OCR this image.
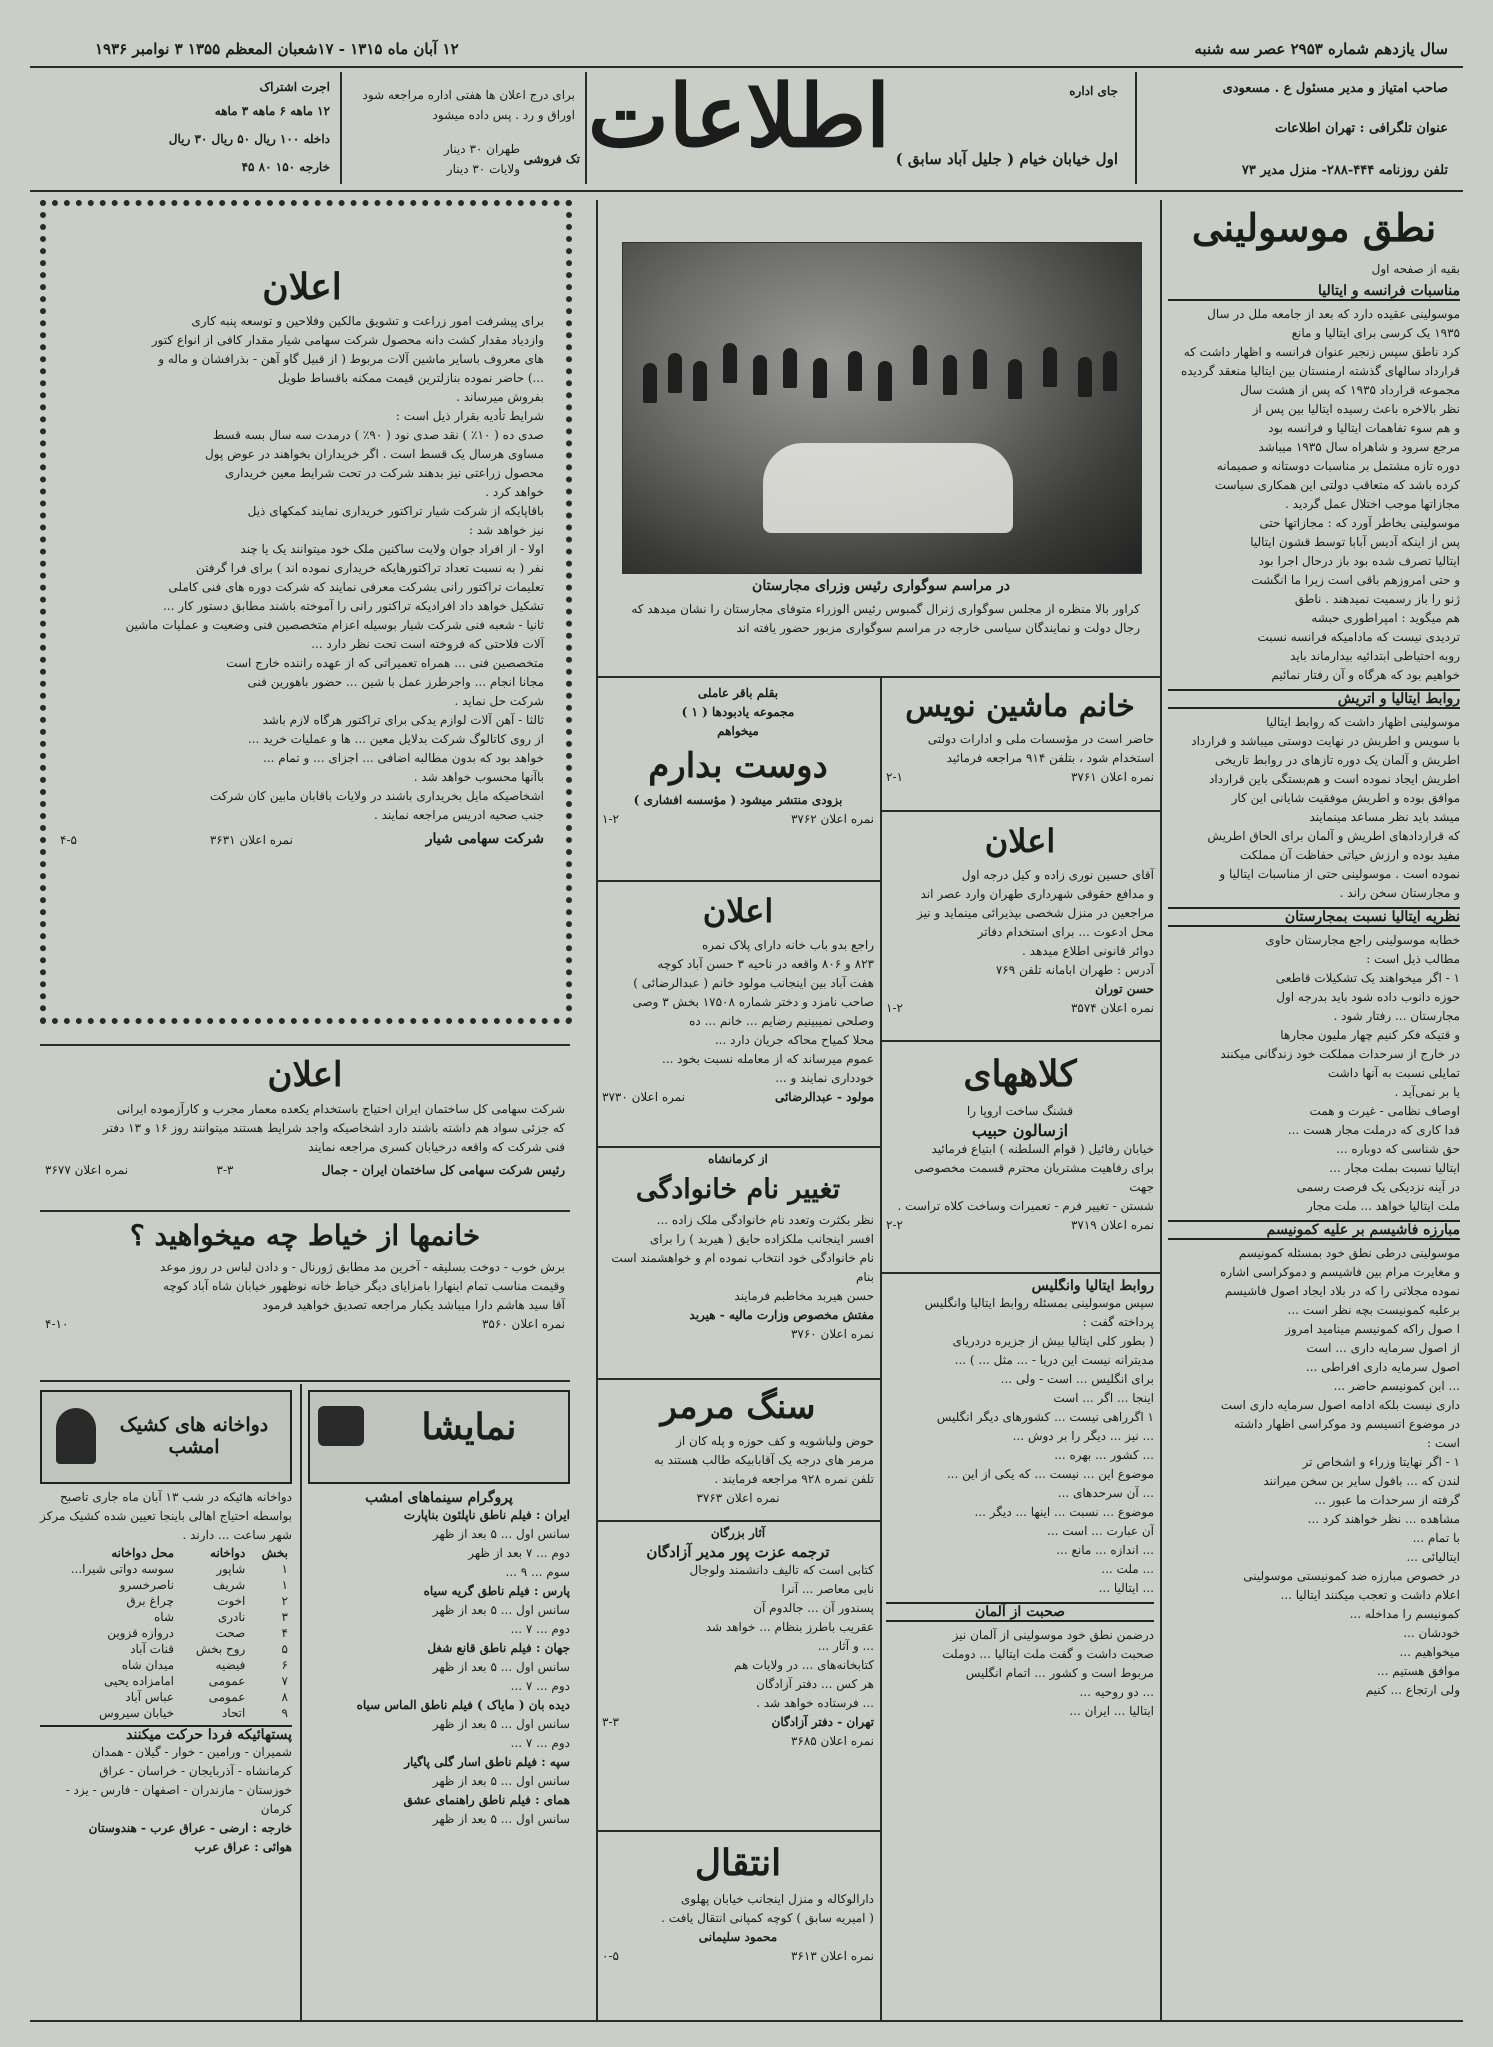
سال یازدهم شماره ۲۹۵۳ عصر سه شنبه
۱۲ آبان ماه ۱۳۱۵ - ۱۷شعبان المعظم ۱۳۵۵ ۳ نوامبر ۱۹۳۶
صاحب امتیاز و مدیر مسئول ع . مسعودی
عنوان تلگرافی : تهران اطلاعات
تلفن روزنامه ۴۴۴-۲۸۸- منزل مدیر ۷۳
جای اداره
اول خیابان خیام ( جلیل آباد سابق )
اطلاعات
برای درج اعلان ها هفتی اداره مراجعه شود
اوراق و رد . پس داده میشود
طهران ۳۰ دینار
ولایات ۳۰ دینار
تک فروشی
اجرت اشتراک
۱۲ ماهه ۶ ماهه ۳ ماهه
داخله ۱۰۰ ریال ۵۰ ریال ۳۰ ریال
خارجه ۱۵۰ ۸۰ ۴۵
نطق موسولینی
بقیه از صفحه اول
مناسبات فرانسه و ایتالیا
موسولینی عقیده دارد که بعد از جامعه ملل در سال
۱۹۳۵ یک کرسی برای ایتالیا و مانع
کرد ناطق سپس زنجیر عنوان فرانسه و اظهار داشت که
قرارداد سالهای گذشته ارمنستان بین ایتالیا منعقد گردیده
مجموعه قرارداد ۱۹۳۵ که پس از هشت سال
نظر بالاخره باعث رسیده ایتالیا بین پس از
و هم سوء تفاهمات ایتالیا و فرانسه بود
مرجع سرود و شاهراه سال ۱۹۳۵ میباشد
دوره تازه مشتمل بر مناسبات دوستانه و صمیمانه
کرده باشد که متعاقب دولتی این همکاری سیاست
مجازاتها موجب اختلال عمل گردید .
موسولینی بخاطر آورد که : مجازاتها حتی
پس از اینکه آدیس آبابا توسط قشون ایتالیا
ایتالیا تصرف شده بود باز درحال اجرا بود
و حتی امروزهم باقی است زیرا ما انگشت
ژنو را باز رسمیت نمیدهند . ناطق
هم میگوید : امپراطوری حبشه
تردیدی نیست که مادامیکه فرانسه نسبت
روبه احتیاطی ابتدائیه بیدارماند باید
خواهیم بود که هرگاه و آن رفتار نمائیم
روابط ایتالیا و اتریش
موسولینی اظهار داشت که روابط ایتالیا
با سویس و اطریش در نهایت دوستی میباشد و قرارداد
اطریش و آلمان یک دوره تازهای در روابط تاریخی
اطریش ایجاد نموده است و هم‌بستگی باین قرارداد
موافق بوده و اطریش موفقیت شایانی این کار
میشد باید نظر مساعد مینمایند
که قراردادهای اطریش و آلمان برای الحاق اطریش
مفید بوده و ارزش حیاتی حفاظت آن مملکت
نموده است . موسولینی حتی از مناسبات ایتالیا و
و مجارستان سخن راند .
نظریه ایتالیا نسبت بمجارستان
خطابه موسولینی راجع مجارستان حاوی
مطالب ذیل است :
۱ - اگر میخواهند یک تشکیلات قاطعی
حوزه دانوب داده شود باید بدرجه اول
مجارستان ... رفتار شود .
و قتیکه فکر کنیم چهار ملیون مجارها
در خارج از سرحدات مملکت خود زندگانی میکنند
تمایلی نسبت به آنها داشت
یا بر نمی‌آید .
اوصاف نظامی - غیرت و همت
فدا کاری که درملت مجار هست ...
حق شناسی که دوباره ...
ایتالیا نسبت بملت مجار ...
در آینه نزدیکی یک فرصت رسمی
ملت ایتالیا خواهد ... ملت مجار
مبارزه فاشیسم بر علیه کمونیسم
موسولینی درطی نطق خود بمسئله کمونیسم
و مغایرت مرام بین فاشیسم و دموکراسی اشاره
نموده مجلاتی را که در بلاد ایجاد اصول فاشیسم
برعلیه کمونیست بچه نظر است ...
ا صول راکه کمونیسم میناميد امروز
از اصول سرمایه داری ... است
اصول سرمایه داری افراطی ...
... ابن کمونیسم حاضر ...
داری نیست بلکه ادامه اصول سرمایه داری است
در موضوع اتسیسم ود موکراسی اظهار داشته
است :
۱ - اگر نهایتا وزراء و اشخاص تر
لندن که ... بافول سایر بن سخن میرانند
گرفته از سرحدات ما عبور ...
مشاهده ... نظر خواهند کرد ...
با تمام ...
ایتالیائی ...
در خصوص مبارزه ضد کمونیستی موسولینی
اعلام داشت و تعجب میکنند ایتالیا ...
کمونیسم را مداخله ...
خودشان ...
میخواهیم ...
موافق هستیم ...
ولی ارتجاع ... کنیم
در مراسم سوگواری رئیس وزرای مجارستان
کراور بالا منظره از مجلس سوگواری ژنرال گمبوس رئیس الوزراء متوفای مجارستان را نشان میدهد که رجال دولت و نمایندگان سیاسی خارجه در مراسم سوگواری مزبور حضور یافته اند
اعلان
برای پیشرفت امور زراعت و تشویق مالکین وفلاحین و توسعه پنبه کاری
وازدیاد مقدار کشت دانه محصول شرکت سهامی شیار مقدار کافی از انواع کتور
های معروف باسایر ماشین آلات مربوط ( از قبیل گاو آهن - بذرافشان و ماله و
...) حاضر نموده بنازلترین قیمت ممکنه باقساط طویل
بفروش میرساند .
شرایط تأدیه بقرار ذیل است :
صدی ده ( ۱۰٪ ) نقد صدی نود ( ۹۰٪ ) درمدت سه سال بسه قسط
مساوی هرسال یک قسط است . اگر خریداران بخواهند در عوض پول
محصول زراعتی نیز بدهند شرکت در تحت شرایط معین خریداری
خواهد کرد .
باقاپایکه از شرکت شیار تراکتور خریداری نمایند کمکهای ذیل
نیز خواهد شد :
اولا - از افراد جوان ولایت ساکنین ملک خود میتوانند یک یا چند
نفر ( به نسبت تعداد تراکتورهایکه خریداری نموده اند ) برای فرا گرفتن
تعلیمات تراکتور رانی بشرکت معرفی نمایند که شرکت دوره های فنی کاملی
تشکیل خواهد داد افرادیکه تراکتور رانی را آموخته باشند مطابق دستور کار ...
ثانیا - شعبه فنی شرکت شیار بوسیله اعزام متخصصین فنی وضعیت و عملیات ماشین
آلات فلاحتی که فروخته است تحت نظر دارد ...
متخصصین فنی ... همراه تعمیراتی که از عهده راننده خارج است
مجانا انجام ... واجرطرز عمل با شین ... حضور باهورین فنی
شرکت حل نماید .
ثالثا - آهن آلات لوازم یدکی برای تراکتور هرگاه لازم باشد
از روی کاتالوگ شرکت بدلایل معین ... ها و عملیات خرید ...
خواهد بود که بدون مطالبه اضافی ... اجزای ... و تمام ...
باآنها محسوب خواهد شد .
اشخاصیکه مایل بخریداری باشند در ولایات باقابان مابین کان شرکت
جنب صحیه ادریس مراجعه نمایند .
شرکت سهامی شیار
نمره اعلان ۳۶۳۱
۴-۵
اعلان
شرکت سهامی کل ساختمان ایران احتیاج باستخدام یکعده معمار مجرب و کارآزموده ایرانی
که جزئی سواد هم داشته باشند دارد اشخاصیکه واجد شرایط هستند میتوانند روز ۱۶ و ۱۳ دفتر
فنی شرکت که واقعه درخیابان کسری مراجعه نمایند
رئیس شرکت سهامی کل ساختمان ایران - جمال
۳-۳
نمره اعلان ۳۶۷۷
خانمها از خیاط چه میخواهید ؟
برش خوب - دوخت بسلیقه - آخرین مد مطابق ژورنال - و دادن لباس در روز موعد
وقیمت مناسب تمام اینهارا بامزایای دیگر خیاط خانه نوظهور خیابان شاه آباد کوچه
آقا سید هاشم دارا میباشد یکبار مراجعه تصدیق خواهید فرمود
نمره اعلان ۳۵۶۰
۴-۱۰
دواخانه های کشیک امشب
دواخانه هائیکه در شب ۱۳ آبان ماه جاری تاصبح بواسطه احتیاج اهالی باینجا تعیین شده کشیک مرکز شهر ساعت ... دارند .
بخش	دواخانه	محل دواخانه
۱	شاپور	سوسه دواتی شیرا...
۱	شریف	ناصرخسرو
۲	اخوت	چراغ برق
۳	نادری	شاه
۴	صحت	دروازه قزوین
۵	روح بخش	قنات آباد
۶	فیضیه	میدان شاه
۷	عمومی	امامزاده یحیی
۸	عمومی	عباس آباد
۹	اتحاد	خیابان سیروس
پستهائیکه فردا حرکت میکنند
شمیران - ورامین - خوار - گیلان - همدان
کرمانشاه - آذربایجان - خراسان - عراق
خوزستان - مازندران - اصفهان - فارس - یزد - کرمان
خارجه : ارضی - عراق عرب - هندوستان
هوائی : عراق عرب
نمایشا
پروگرام سینماهای امشب
ایران : فیلم ناطق ناپلئون بناپارت
سانس اول ... ۵ بعد از ظهر
دوم ... ۷ بعد از ظهر
سوم ... ۹ ...
پارس : فیلم ناطق گریه سیاه
سانس اول ... ۵ بعد از ظهر
دوم ... ۷ ...
جهان : فیلم ناطق قانع شغل
سانس اول ... ۵ بعد از ظهر
دوم ... ۷ ...
دیده بان ( مایاک ) فیلم ناطق الماس سیاه
سانس اول ... ۵ بعد از ظهر
دوم ... ۷ ...
سپه : فیلم ناطق اسار گلی پاگیار
سانس اول ... ۵ بعد از ظهر
همای : فیلم ناطق راهنمای عشق
سانس اول ... ۵ بعد از ظهر
خانم ماشین نویس
حاضر است در مؤسسات ملی و ادارات دولتی
استخدام شود ، بتلفن ۹۱۴ مراجعه فرمائید
نمره اعلان ۳۷۶۱
۲-۱
اعلان
آقای حسین نوری زاده و کیل درجه اول
و مدافع حقوقی شهرداری طهران وارد عصر اند
مراجعین در منزل شخصی بپذیرائی مینماید و نیز
محل ادعوت ... برای استخدام دفاتر
دوائر قانونی اطلاع میدهد .
آدرس : طهران ابامانه تلفن ۷۶۹
حسن توران
نمره اعلان ۳۵۷۴
۱-۲
کلاههای
قشنگ ساخت اروپا را
ازسالون حبیب
خیابان رفائیل ( قوام السلطنه ) ابتیاع فرمائید
برای رفاهیت مشتریان محترم قسمت مخصوصی جهت
شستن - تغییر فرم - تعمیرات وساخت کلاه تراست .
نمره اعلان ۳۷۱۹
۲-۲
روابط ایتالیا وانگلیس
سپس موسولینی بمسئله روابط ایتالیا وانگلیس
پرداخته گفت :
( بطور کلی ایتالیا بیش از جزیره دردریای
مدیترانه نیست این دریا - ... مثل ... ) ...
برای انگلیس ... است - ولی ...
اینجا ... اگر ... است
۱ اگرراهی نیست ... کشورهای دیگر انگلیس
... نیز ... دیگر را بر دوش ...
... کشور ... بهره ...
موضوع این ... نیست ... که یکی از این ...
... آن سرحدهای ...
موضوع ... نسبت ... اینها ... دیگر ...
آن عبارت ... است ...
... اندازه ... مانع ...
... ملت ...
... ایتالیا ...
صحبت از آلمان
درضمن نطق خود موسولینی از آلمان نیز
صحبت داشت و گفت ملت ایتالیا ... دوملت
مربوط است و کشور ... اتمام انگلیس
... دو روحیه ...
ایتالیا ... ایران ...
بقلم باقر عاملی
مجموعه یادبودها ( ۱ )
میخواهم
دوست بدارم
بزودی منتشر میشود ( مؤسسه افشاری )
نمره اعلان ۳۷۶۲
۱-۲
اعلان
راجع بدو باب خانه دارای پلاک نمره
۸۲۳ و ۸۰۶ واقعه در ناحیه ۳ حسن آباد کوچه
هفت آباد بین اینجانب مولود خانم ( عبدالرضائی )
صاحب نامزد و دختر شماره ۱۷۵۰۸ بخش ۳ وصی
وصلحی نمیبینیم رضایم ... خانم ... ده
محلا کمیاح محاکه جریان دارد ...
عموم میرساند که از معامله نسبت بخود ...
خودداری نمایند و ...
مولود - عبدالرضائی
نمره اعلان ۳۷۳۰
از کرمانشاه
تغییر نام خانوادگی
نظر بکثرت وتعدد نام خانوادگی ملک زاده ...
افسر اینجانب ملکزاده حایق ( هیربد ) را برای
نام خانوادگی خود انتخاب نموده ام و خواهشمند است بنام
حسن هیربد مخاطبم فرمایند
مفتش مخصوص وزارت مالیه - هیربد
نمره اعلان ۳۷۶۰
سنگ مرمر
حوض ولباشویه و کف حوزه و پله کان از
مرمر های درجه یک آقابابیکه طالب هستند به
تلفن نمره ۹۲۸ مراجعه فرمایند .
نمره اعلان ۳۷۶۳
آثار بزرگان
ترجمه عزت پور مدیر آزادگان
کتابی است که تالیف دانشمند ولوجال
نابی معاصر ... آنرا
پسندور آن ... جالدوم آن
عقریب باطرز بنظام ... خواهد شد
... و آثار ...
کتابخانه‌های ... در ولایات هم
هر کس ... دفتر آزادگان
... فرستاده خواهد شد .
تهران - دفتر آزادگان
۳-۳
نمره اعلان ۳۶۸۵
انتقال
دارالوکاله و منزل اینجانب خیابان پهلوی
( امیریه سابق ) کوچه کمپانی انتقال یافت .
محمود سلیمانی
نمره اعلان ۳۶۱۳
۰-۵
